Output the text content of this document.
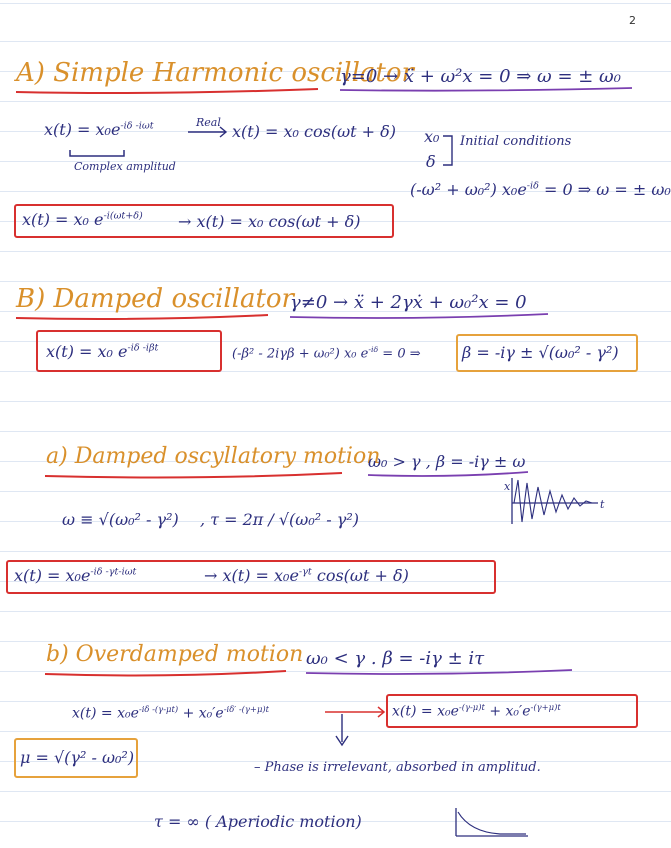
2
A) Simple Harmonic oscillator
γ=0 → ẍ + ω²x = 0 ⇒ ω = ± ω₀
$x(t) = x_0e^{-i\delta -i\omega t}$	Real x(t) = x₀ cos(ωt + δ)
Complex amplitud
x₀
δ
Initial conditions
(-ω² + ω₀²) $x_0e^{-i\delta} = 0$ ⇒ ω = ± ω₀
x(t) = x₀ $e^{-i(\omega t+\delta)} \to x(t) = x_0$ cos(ωt + δ)
B) Damped oscillator
γ≠0 → ẍ + 2γẋ + ω₀²x = 0
x(t) = x₀ $e^{-i\delta -i\beta t}$	(-β² - 2iγβ + ω₀²) x₀ $e^{-i\delta} = 0$ ⇒	β = -iγ ± √(ω₀² - γ²)
a) Damped oscyllatory motion
ω₀ > γ , β = -iγ ± ω
ω ≡ √(ω₀² - γ²) , τ = 2π / √(ω₀² - γ²)
x
t
$x(t) = x_0e^{-i\delta -\gamma t-i\omega t}$	→ $x(t) = x_0e^{-\gamma t}$ cos(ωt + δ)
b) Overdamped motion ω₀ < γ . β = -iγ ± iτ
$x(t) = x_0e^{-i\delta -(\gamma-\mu t)} + x_0'e^{-i\delta' -(\gamma+\mu)t}$	$x(t) = x_0e^{-(\gamma-\mu)t} + x_0'e^{-(\gamma+\mu)t}$
μ = √(γ² - ω₀²)
– Phase is irrelevant, absorbed in amplitud.
τ = ∞ ( Aperiodic motion)
